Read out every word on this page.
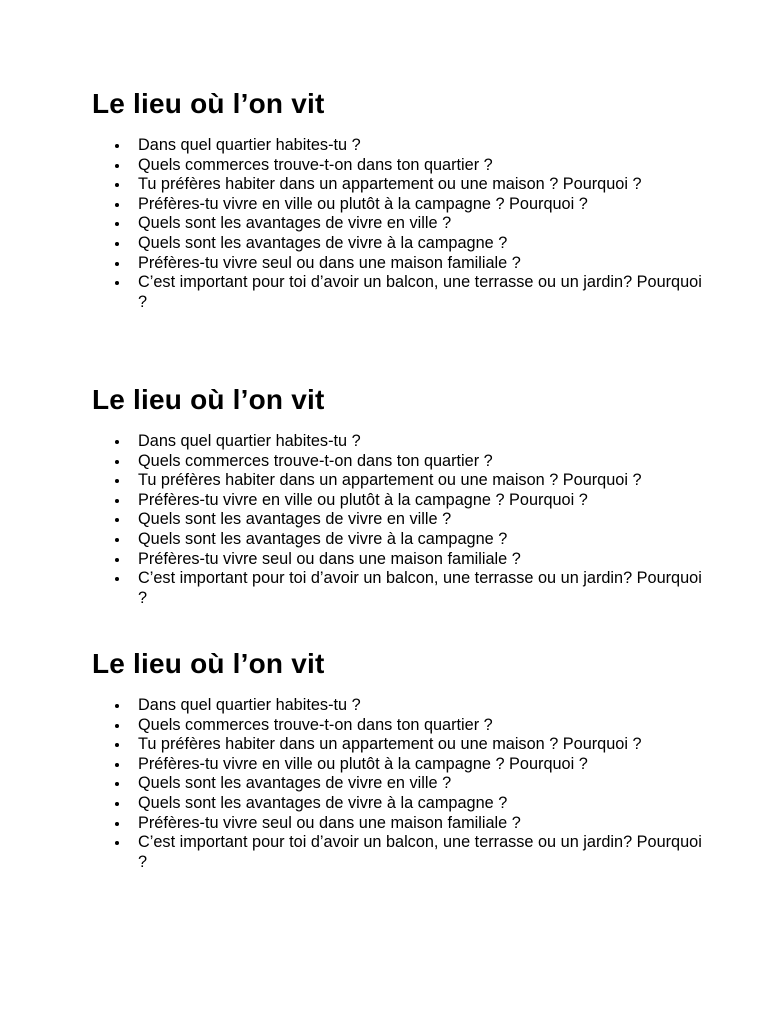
Le lieu où l’on vit
Dans quel quartier habites-tu ?
Quels commerces trouve-t-on dans ton quartier ?
Tu préfères habiter dans un appartement ou une maison ? Pourquoi ?
Préfères-tu vivre en ville ou plutôt à la campagne ? Pourquoi ?
Quels sont les avantages de vivre en ville ?
Quels sont les avantages de vivre à la campagne ?
Préfères-tu vivre seul ou dans une maison familiale ?
C’est important pour toi d’avoir un balcon, une terrasse ou un jardin? Pourquoi ?
Le lieu où l’on vit
Dans quel quartier habites-tu ?
Quels commerces trouve-t-on dans ton quartier ?
Tu préfères habiter dans un appartement ou une maison ? Pourquoi ?
Préfères-tu vivre en ville ou plutôt à la campagne ? Pourquoi ?
Quels sont les avantages de vivre en ville ?
Quels sont les avantages de vivre à la campagne ?
Préfères-tu vivre seul ou dans une maison familiale ?
C’est important pour toi d’avoir un balcon, une terrasse ou un jardin? Pourquoi ?
Le lieu où l’on vit
Dans quel quartier habites-tu ?
Quels commerces trouve-t-on dans ton quartier ?
Tu préfères habiter dans un appartement ou une maison ? Pourquoi ?
Préfères-tu vivre en ville ou plutôt à la campagne ? Pourquoi ?
Quels sont les avantages de vivre en ville ?
Quels sont les avantages de vivre à la campagne ?
Préfères-tu vivre seul ou dans une maison familiale ?
C’est important pour toi d’avoir un balcon, une terrasse ou un jardin? Pourquoi ?
